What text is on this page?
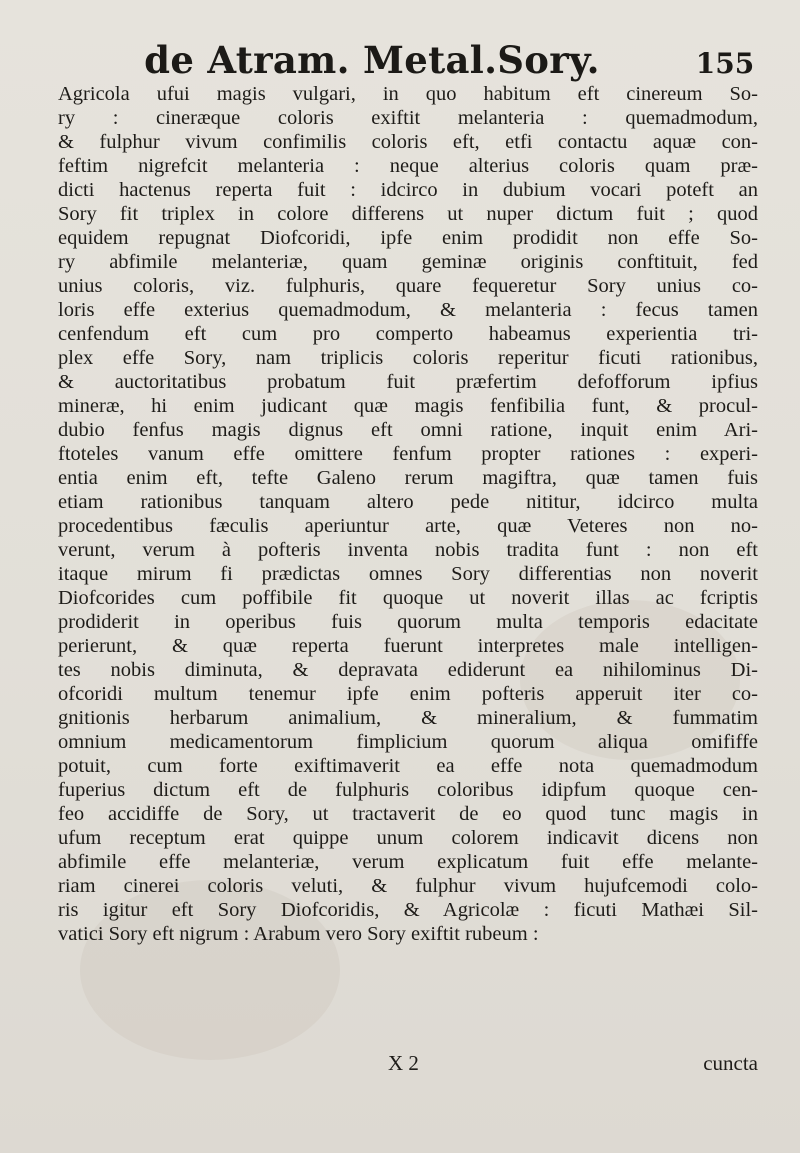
de Atram. Metal.Sory.	155
Agricola ufui magis vulgari, in quo habitum eft cinereum So-
ry : cineræque coloris exiftit melanteria : quemadmodum,
& fulphur vivum confimilis coloris eft, etfi contactu aquæ con-
feftim nigrefcit melanteria : neque alterius coloris quam præ-
dicti hactenus reperta fuit : idcirco in dubium vocari poteft an
Sory fit triplex in colore differens ut nuper dictum fuit ; quod
equidem repugnat Diofcoridi, ipfe enim prodidit non effe So-
ry abfimile melanteriæ, quam geminæ originis conftituit, fed
unius coloris, viz. fulphuris, quare fequeretur Sory unius co-
loris effe exterius quemadmodum, & melanteria : fecus tamen
cenfendum eft cum pro comperto habeamus experientia tri-
plex effe Sory, nam triplicis coloris reperitur ficuti rationibus,
& auctoritatibus probatum fuit præfertim defofforum ipfius
mineræ, hi enim judicant quæ magis fenfibilia funt, & procul-
dubio fenfus magis dignus eft omni ratione, inquit enim Ari-
ftoteles vanum effe omittere fenfum propter rationes : experi-
entia enim eft, tefte Galeno rerum magiftra, quæ tamen fuis
etiam rationibus tanquam altero pede nititur, idcirco multa
procedentibus fæculis aperiuntur arte, quæ Veteres non no-
verunt, verum à pofteris inventa nobis tradita funt : non eft
itaque mirum fi prædictas omnes Sory differentias non noverit
Diofcorides cum poffibile fit quoque ut noverit illas ac fcriptis
prodiderit in operibus fuis quorum multa temporis edacitate
perierunt, & quæ reperta fuerunt interpretes male intelligen-
tes nobis diminuta, & depravata ediderunt ea nihilominus Di-
ofcoridi multum tenemur ipfe enim pofteris apperuit iter co-
gnitionis herbarum animalium, & mineralium, & fummatim
omnium medicamentorum fimplicium quorum aliqua omififfe
potuit, cum forte exiftimaverit ea effe nota quemadmodum
fuperius dictum eft de fulphuris coloribus idipfum quoque cen-
feo accidiffe de Sory, ut tractaverit de eo quod tunc magis in
ufum receptum erat quippe unum colorem indicavit dicens non
abfimile effe melanteriæ, verum explicatum fuit effe melante-
riam cinerei coloris veluti, & fulphur vivum hujufcemodi colo-
ris igitur eft Sory Diofcoridis, & Agricolæ : ficuti Mathæi Sil-
vatici Sory eft nigrum : Arabum vero Sory exiftit rubeum :
X 2	cuncta
